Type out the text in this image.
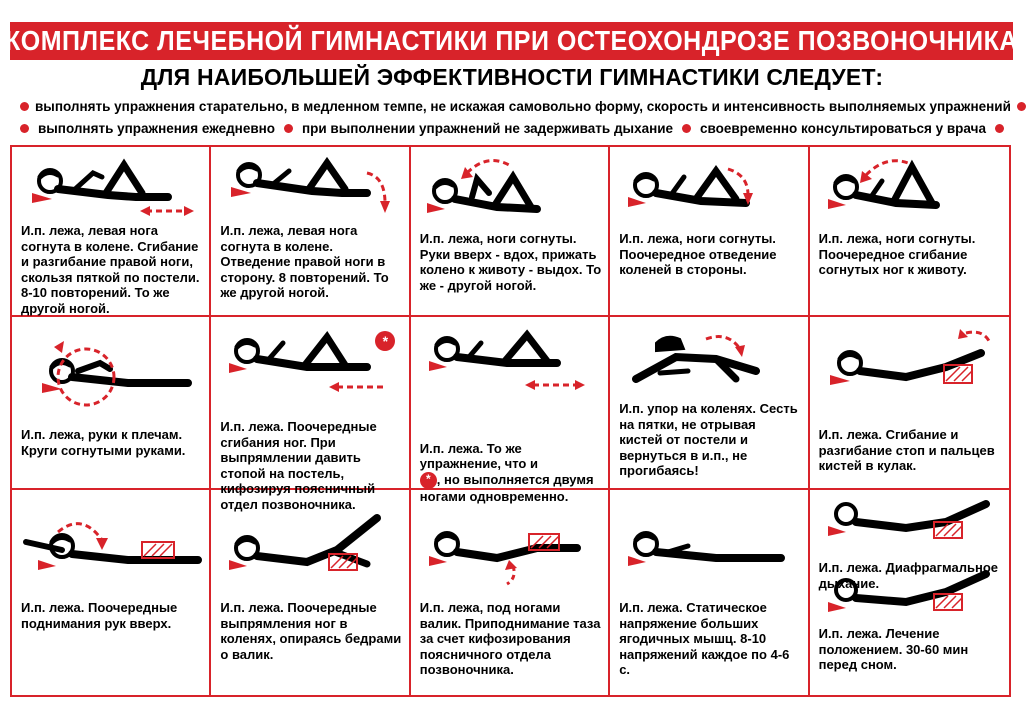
КОМПЛЕКС ЛЕЧЕБНОЙ ГИМНАСТИКИ ПРИ ОСТЕОХОНДРОЗЕ ПОЗВОНОЧНИКА
ДЛЯ НАИБОЛЬШЕЙ ЭФФЕКТИВНОСТИ ГИМНАСТИКИ СЛЕДУЕТ:
выполнять упражнения старательно, в медленном темпе, не искажая самовольно форму, скорость и интенсивность выполняемых упражнений
выполнять упражнения ежедневно при выполнении упражнений не задерживать дыхание своевременно консультироваться у врача
И.п. лежа, левая нога согнута в колене. Сгибание и разгибание правой ноги, скользя пяткой по постели. 8-10 повторений. То же другой ногой.
И.п. лежа, левая нога согнута в колене. Отведение правой ноги в сторону. 8 повторений. То же другой ногой.
И.п. лежа, ноги согнуты. Руки вверх - вдох, прижать колено к животу - выдох. То же - другой ногой.
И.п. лежа, ноги согнуты. Поочередное отведение коленей в стороны.
И.п. лежа, ноги согнуты. Поочередное сгибание согнутых ног к животу.
И.п. лежа, руки к плечам. Круги согнутыми руками.
*
И.п. лежа. Поочередные сгибания ног. При выпрямлении давить стопой на постель, кифозируя поясничный отдел позвоночника.

И.п. лежа. То же упражнение, что и
* , но выполняется двумя ногами одновременно.

И.п. упор на коленях. Сесть на пятки, не отрывая кистей от постели и вернуться в и.п., не прогибаясь!
И.п. лежа. Сгибание и разгибание стоп и пальцев кистей в кулак.
И.п. лежа. Поочередные поднимания рук вверх.
И.п. лежа. Поочередные выпрямления ног в коленях, опираясь бедрами о валик.
И.п. лежа, под ногами валик. Приподнимание таза за счет кифозирования поясничного отдела позвоночника.
И.п. лежа. Статическое напряжение больших ягодичных мышц. 8-10 напряжений каждое по 4-6 с.
И.п. лежа. Диафрагмальное дыхание.
И.п. лежа. Лечение положением. 30-60 мин перед сном.
